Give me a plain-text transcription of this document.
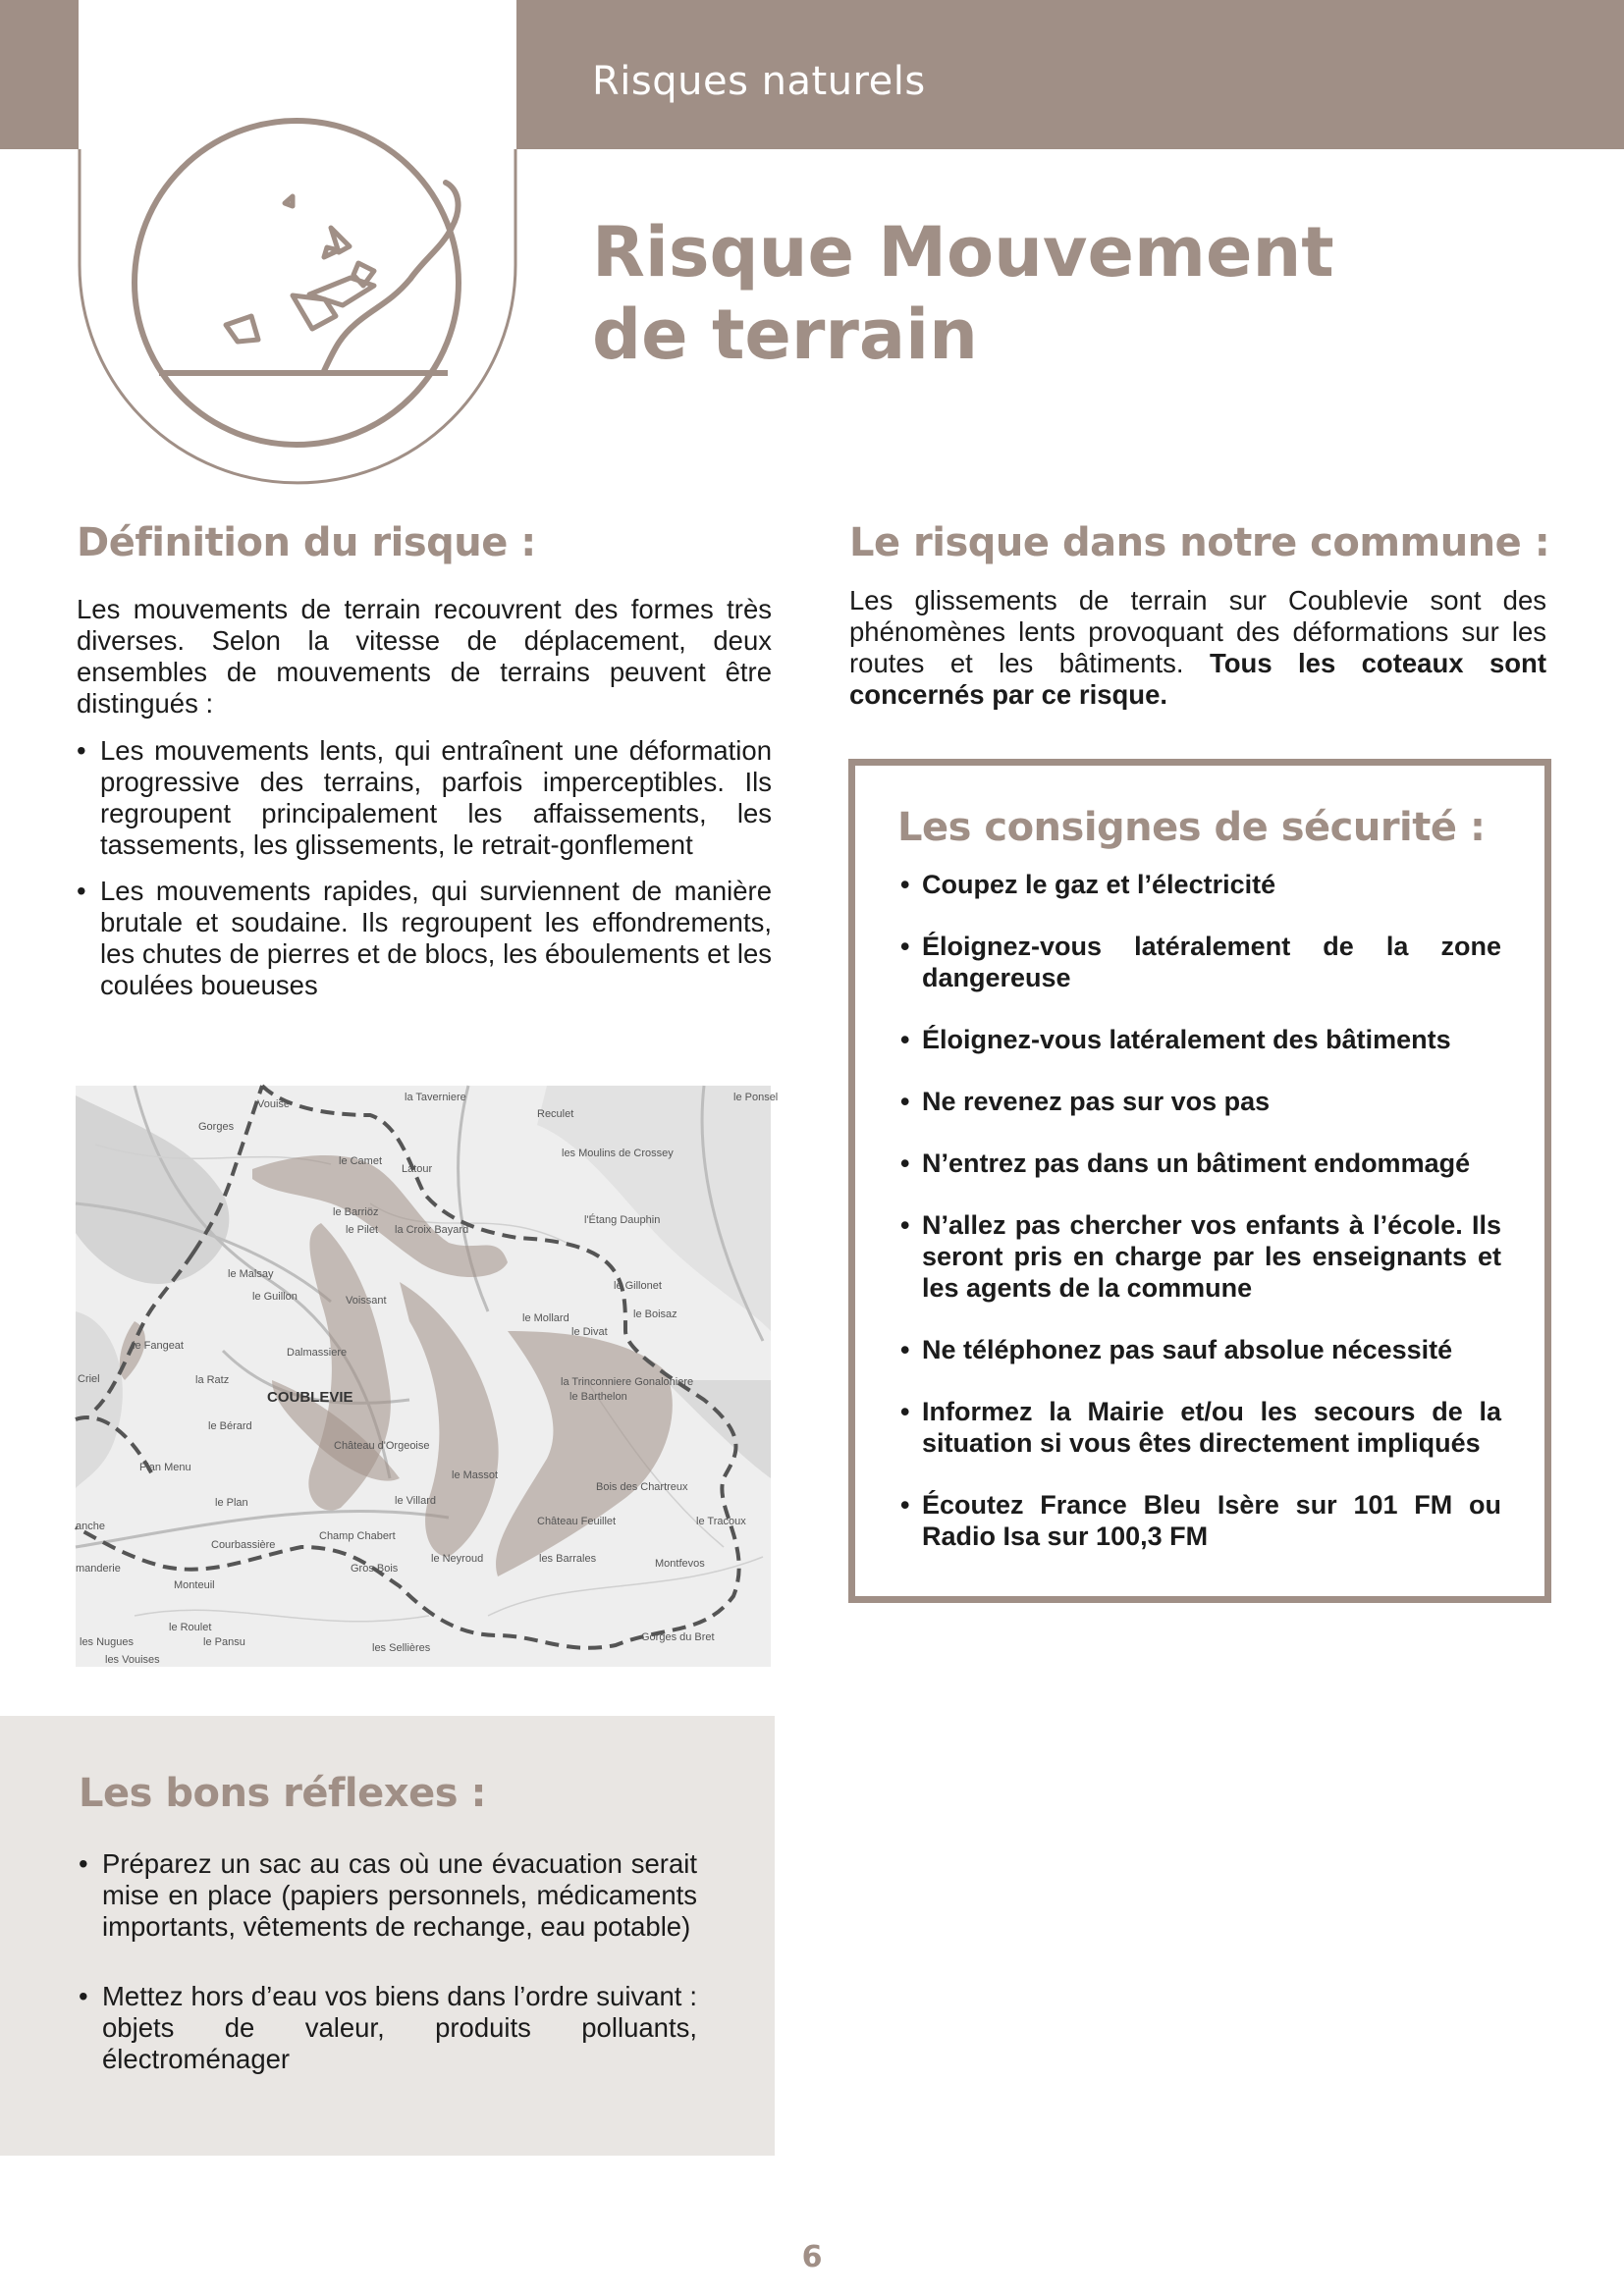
Risques naturels
Risque Mouvement
de terrain
Définition du risque :
Les mouvements de terrain recouvrent des formes très diverses. Selon la vitesse de déplacement, deux ensembles de mouvements de terrains peuvent être distingués :
• Les mouvements lents, qui entraînent une déformation progressive des terrains, parfois imperceptibles. Ils regroupent principalement les affaissements, les tassements, les glissements, le retrait-gonflement
• Les mouvements rapides, qui surviennent de manière brutale et soudaine. Ils regroupent les effondrements, les chutes de pierres et de blocs, les éboulements et les coulées boueuses
Le risque dans notre commune :
Les glissements de terrain sur Coublevie sont des phénomènes lents provoquant des déformations sur les routes et les bâtiments. Tous les coteaux sont concernés par ce risque.
Les consignes de sécurité :
• Coupez le gaz et l’électricité
• Éloignez-vous latéralement de la zone dangereuse
• Éloignez-vous latéralement des bâtiments
• Ne revenez pas sur vos pas
• N’entrez pas dans un bâtiment endommagé
• N’allez pas chercher vos enfants à l’école. Ils seront pris en charge par les enseignants et les agents de la commune
• Ne téléphonez pas sauf absolue nécessité
• Informez la Mairie et/ou les secours de la situation si vous êtes directement impliqués
• Écoutez France Bleu Isère sur 101 FM ou Radio Isa sur 100,3 FM
Vouise
la Taverniere
Reculet
le Ponsel
Gorges
le Camet
Latour
les Moulins de Crossey
le Barriöz
le Pilet la Croix Bayard
l'Étang Dauphin
le Malsay
le Guillon	Voissant
le Gillonet
le Mollard
le Divat
le Boisaz
le Fangeat
Dalmassiere
Criel	la Ratz
COUBLEVIE
la Trinconniere Gonaloniere
le Barthelon
le Bérard
Château d'Orgeoise
Plan Menu
le Massot
Bois des Chartreux
le Plan	le Villard
anche
Champ Chabert
Château Feuillet	le Tracoux
Courbassière
le Neyroud	les Barrales
manderie	Gros Bois	Montfevos
Monteuil
le Roulet
les Nugues	le Pansu	les Sellières
Gorges du Bret
les Vouises
Les bons réflexes :
• Préparez un sac au cas où une évacuation serait mise en place (papiers personnels, médicaments importants, vêtements de rechange, eau potable)
• Mettez hors d’eau vos biens dans l’ordre suivant : objets de valeur, produits polluants, électroménager
6
